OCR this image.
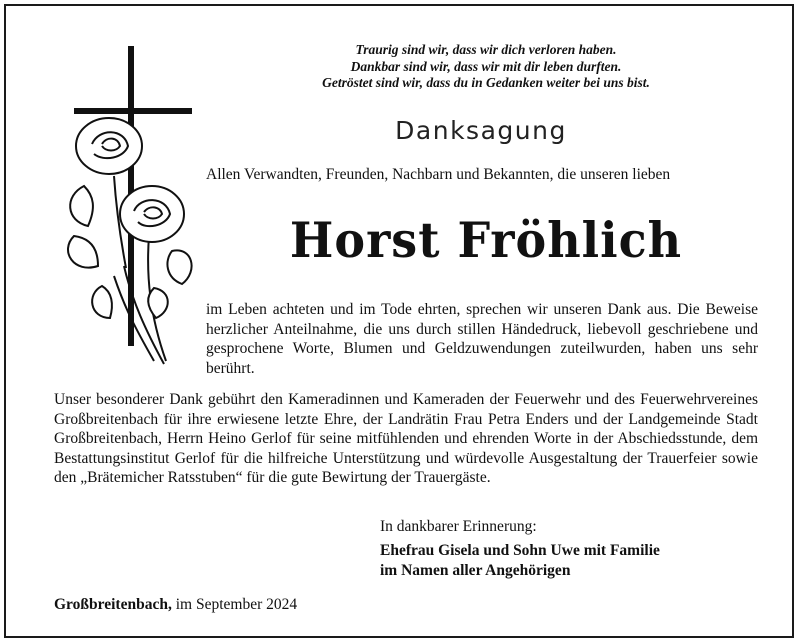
Traurig sind wir, dass wir dich verloren haben.
Dankbar sind wir, dass wir mit dir leben durften.
Getröstet sind wir, dass du in Gedanken weiter bei uns bist.
Danksagung
Allen Verwandten, Freunden, Nachbarn und Bekannten, die unseren lieben
Horst Fröhlich
im Leben achteten und im Tode ehrten, sprechen wir unseren Dank aus. Die Beweise herzlicher Anteilnahme, die uns durch stillen Händedruck, liebevoll geschriebene und gesprochene Worte, Blumen und Geldzuwendungen zuteilwurden, haben uns sehr berührt.
Unser besonderer Dank gebührt den Kameradinnen und Kameraden der Feuerwehr und des Feuerwehrvereines Großbreitenbach für ihre erwiesene letzte Ehre, der Landrätin Frau Petra Enders und der Landgemeinde Stadt Großbreitenbach, Herrn Heino Gerlof für seine mitfühlenden und ehrenden Worte in der Abschiedsstunde, dem Bestattungsinstitut Gerlof für die hilfreiche Unterstützung und würdevolle Ausgestaltung der Trauerfeier sowie den „Brätemicher Ratsstuben“ für die gute Bewirtung der Trauergäste.
In dankbarer Erinnerung:
Ehefrau Gisela und Sohn Uwe mit Familie
im Namen aller Angehörigen
Großbreitenbach, im September 2024
